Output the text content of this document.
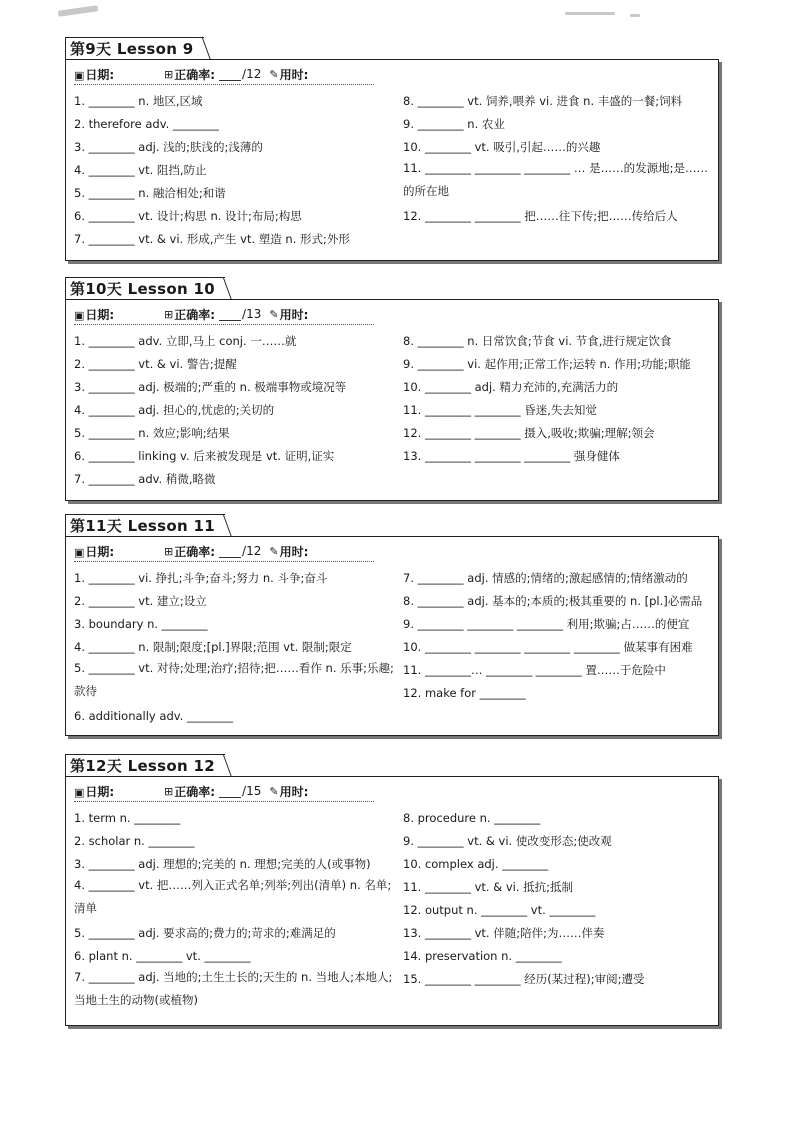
第9天 Lesson 9
▣日期:	⊞ 正确率: /12 ✎ 用时:
1. ________ n. 地区,区域
2. therefore adv. ________
3. ________ adj. 浅的;肤浅的;浅薄的
4. ________ vt. 阻挡,防止
5. ________ n. 融洽相处;和谐
6. ________ vt. 设计;构思 n. 设计;布局;构思
7. ________ vt. & vi. 形成,产生 vt. 塑造 n. 形式;外形
8. ________ vt. 饲养,喂养 vi. 进食 n. 丰盛的一餐;饲料
9. ________ n. 农业
10. ________ vt. 吸引,引起……的兴趣
11. ________ ________ ________ … 是……的发源地;是……的所在地
12. ________ ________ 把……往下传;把……传给后人
第10天 Lesson 10
▣日期:	⊞ 正确率: /13 ✎ 用时:
1. ________ adv. 立即,马上 conj. 一……就
2. ________ vt. & vi. 警告;提醒
3. ________ adj. 极端的;严重的 n. 极端事物或境况等
4. ________ adj. 担心的,忧虑的;关切的
5. ________ n. 效应;影响;结果
6. ________ linking v. 后来被发现是 vt. 证明,证实
7. ________ adv. 稍微,略微
8. ________ n. 日常饮食;节食 vi. 节食,进行规定饮食
9. ________ vi. 起作用;正常工作;运转 n. 作用;功能;职能
10. ________ adj. 精力充沛的,充满活力的
11. ________ ________ 昏迷,失去知觉
12. ________ ________ 摄入,吸收;欺骗;理解;领会
13. ________ ________ ________ 强身健体
第11天 Lesson 11
▣日期:	⊞ 正确率: /12 ✎ 用时:
1. ________ vi. 挣扎;斗争;奋斗;努力 n. 斗争;奋斗
2. ________ vt. 建立;设立
3. boundary n. ________
4. ________ n. 限制;限度;[pl.]界限;范围 vt. 限制;限定
5. ________ vt. 对待;处理;治疗;招待;把……看作 n. 乐事;乐趣;款待
6. additionally adv. ________
7. ________ adj. 情感的;情绪的;激起感情的;情绪激动的
8. ________ adj. 基本的;本质的;极其重要的 n. [pl.]必需品
9. ________ ________ ________ 利用;欺骗;占……的便宜
10. ________ ________ ________ ________ 做某事有困难
11. ________… ________ ________ 置……于危险中
12. make for ________
第12天 Lesson 12
▣日期:	⊞ 正确率: /15 ✎ 用时:
1. term n. ________
2. scholar n. ________
3. ________ adj. 理想的;完美的 n. 理想;完美的人(或事物)
4. ________ vt. 把……列入正式名单;列举;列出(清单) n. 名单;清单
5. ________ adj. 要求高的;费力的;苛求的;难满足的
6. plant n. ________ vt. ________
7. ________ adj. 当地的;土生土长的;天生的 n. 当地人;本地人;当地土生的动物(或植物)
8. procedure n. ________
9. ________ vt. & vi. 使改变形态;使改观
10. complex adj. ________
11. ________ vt. & vi. 抵抗;抵制
12. output n. ________ vt. ________
13. ________ vt. 伴随;陪伴;为……伴奏
14. preservation n. ________
15. ________ ________ 经历(某过程);审阅;遭受
